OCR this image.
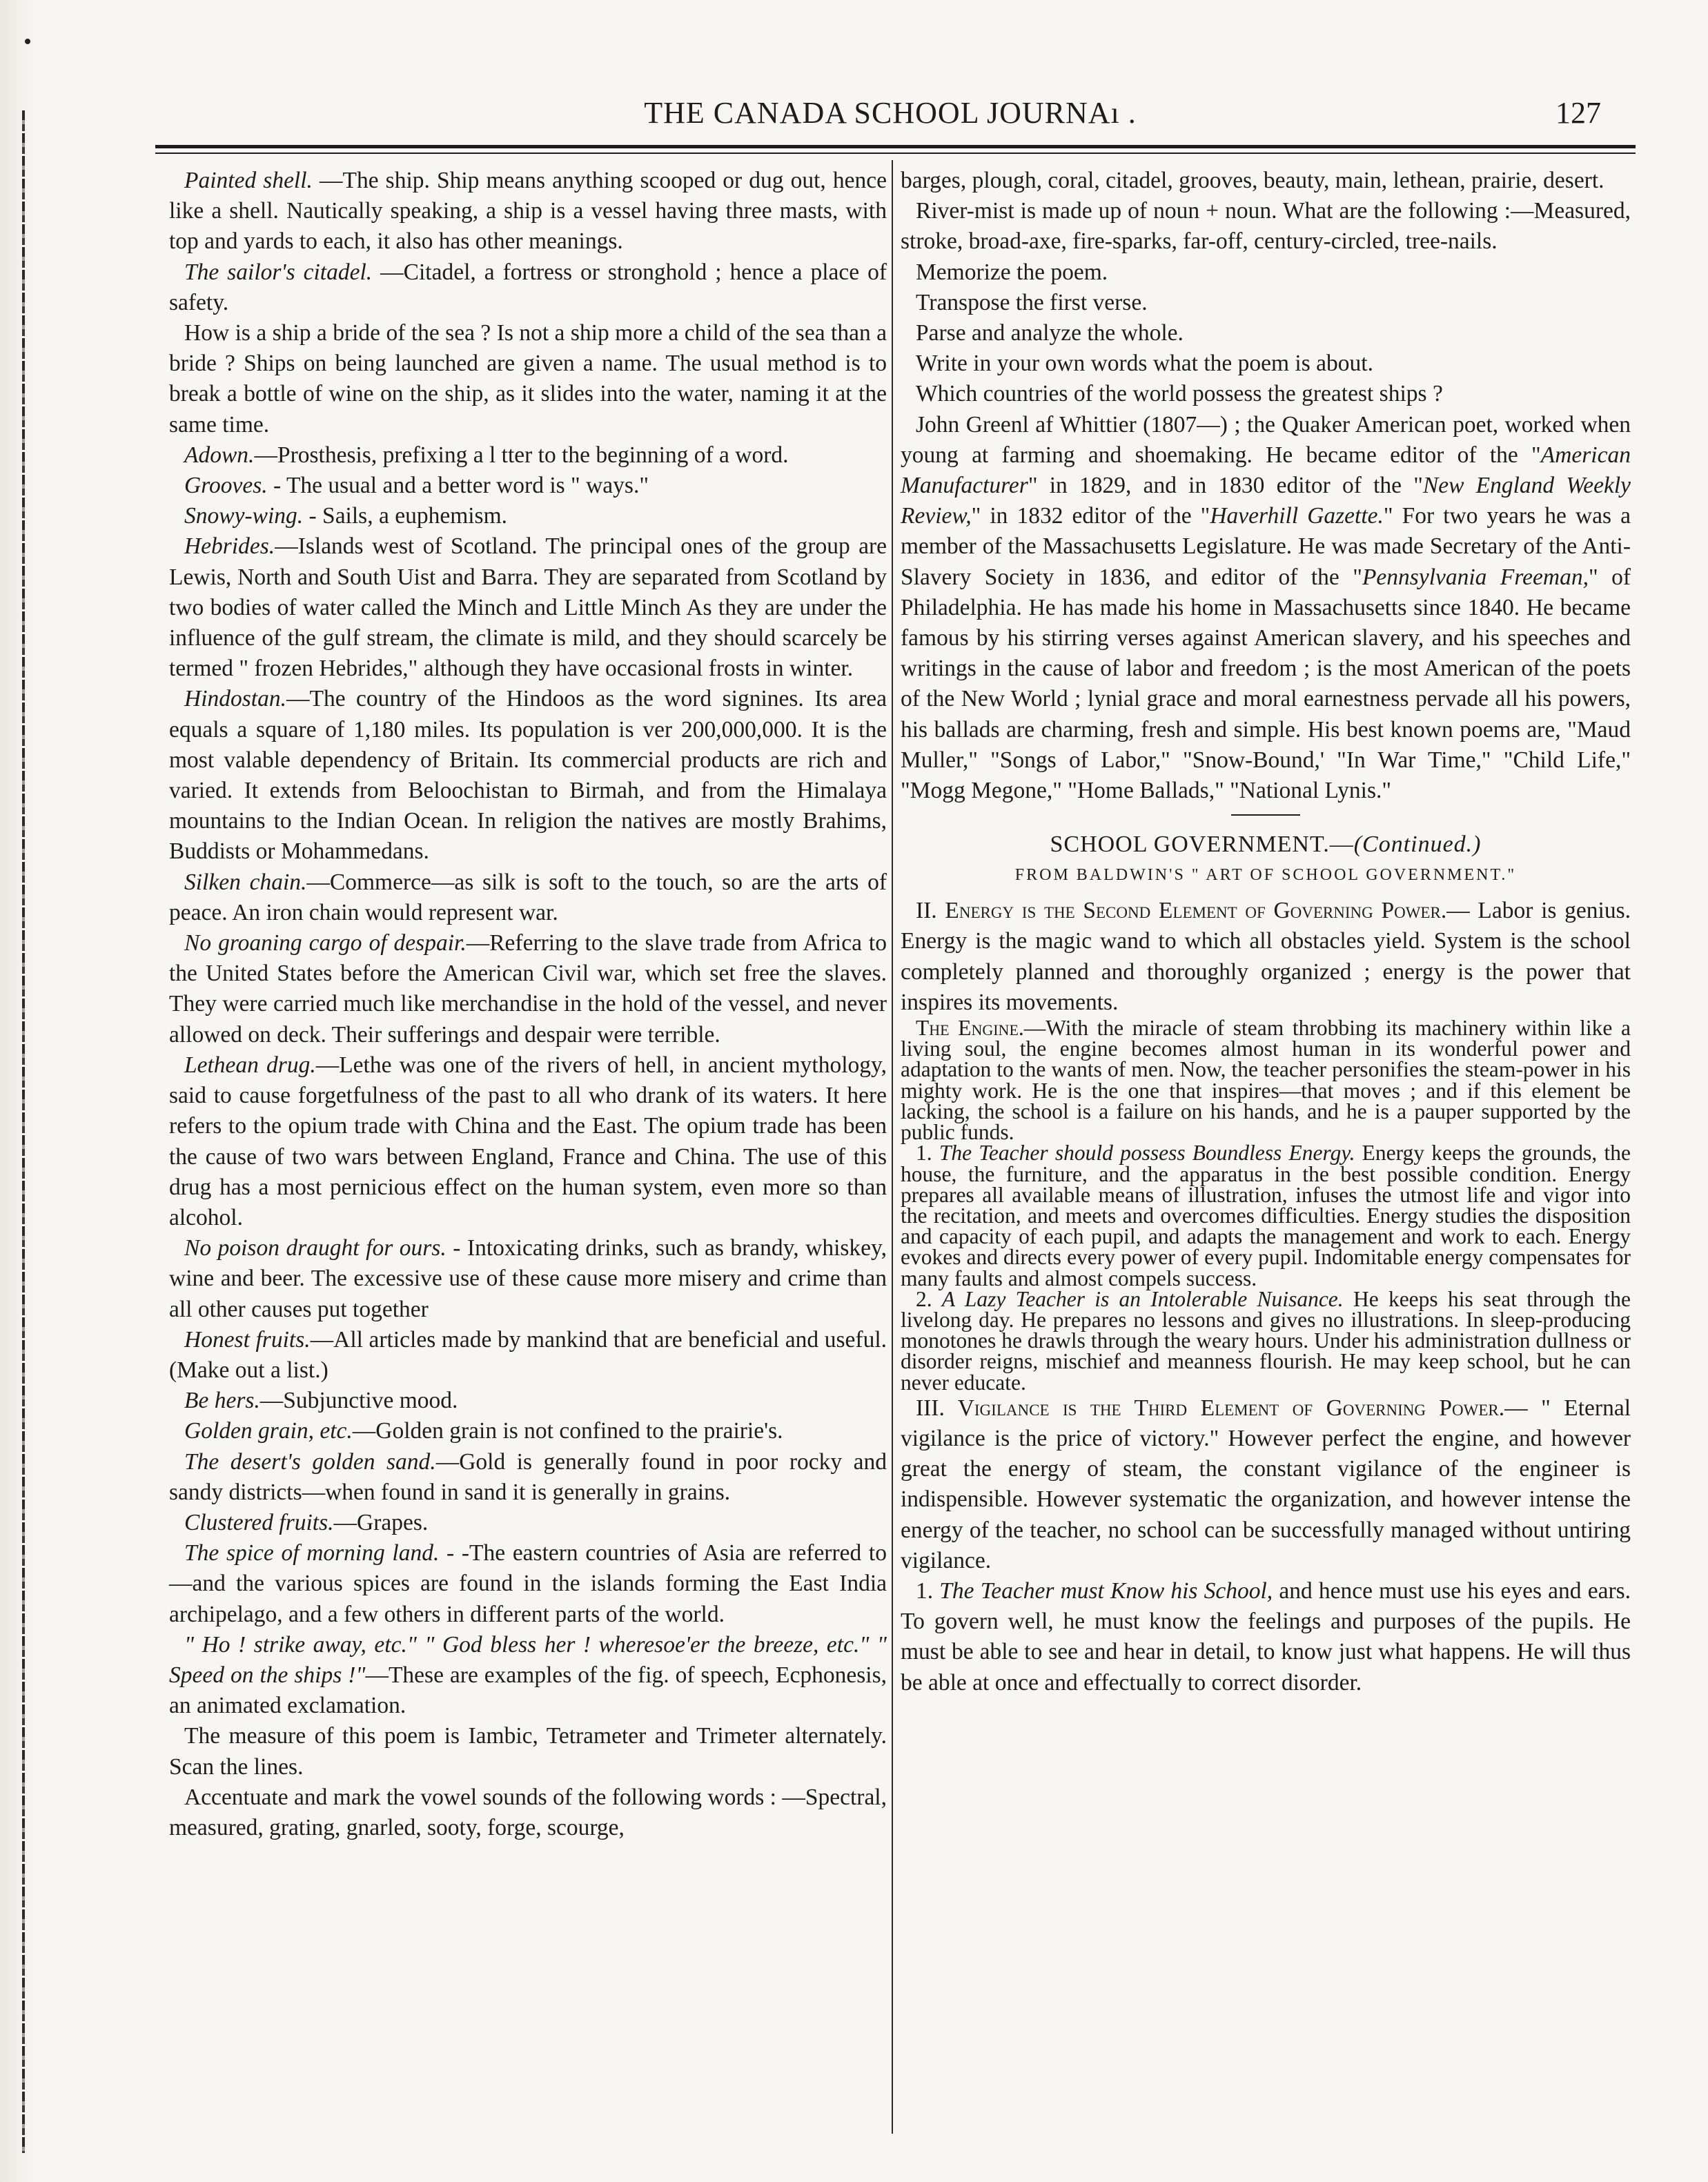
THE CANADA SCHOOL JOURNAı .	127

Painted shell. —The ship. Ship means anything scooped or dug out, hence like a shell. Nautically speaking, a ship is a vessel having three masts, with top and yards to each, it also has other meanings.

The sailor's citadel. —Citadel, a fortress or stronghold ; hence a place of safety.

How is a ship a bride of the sea ? Is not a ship more a child of the sea than a bride ? Ships on being launched are given a name. The usual method is to break a bottle of wine on the ship, as it slides into the water, naming it at the same time.

Adown.—Prosthesis, prefixing a l tter to the beginning of a word.

Grooves. - The usual and a better word is " ways."

Snowy-wing. - Sails, a euphemism.

Hebrides.—Islands west of Scotland. The principal ones of the group are Lewis, North and South Uist and Barra. They are separated from Scotland by two bodies of water called the Minch and Little Minch As they are under the influence of the gulf stream, the climate is mild, and they should scarcely be termed " frozen Hebrides," although they have occasional frosts in winter.

Hindostan.—The country of the Hindoos as the word signines. Its area equals a square of 1,180 miles. Its population is ver 200,000,000. It is the most valable dependency of Britain. Its commercial products are rich and varied. It extends from Beloochistan to Birmah, and from the Himalaya mountains to the Indian Ocean. In religion the natives are mostly Brahims, Buddists or Mohammedans.

Silken chain.—Commerce—as silk is soft to the touch, so are the arts of peace. An iron chain would represent war.

No groaning cargo of despair.—Referring to the slave trade from Africa to the United States before the American Civil war, which set free the slaves. They were carried much like merchandise in the hold of the vessel, and never allowed on deck. Their sufferings and despair were terrible.

Lethean drug.—Lethe was one of the rivers of hell, in ancient mythology, said to cause forgetfulness of the past to all who drank of its waters. It here refers to the opium trade with China and the East. The opium trade has been the cause of two wars between England, France and China. The use of this drug has a most pernicious effect on the human system, even more so than alcohol.

No poison draught for ours. - Intoxicating drinks, such as brandy, whiskey, wine and beer. The excessive use of these cause more misery and crime than all other causes put together

Honest fruits.—All articles made by mankind that are beneficial and useful. (Make out a list.)

Be hers.—Subjunctive mood.

Golden grain, etc.—Golden grain is not confined to the prairie's.

The desert's golden sand.—Gold is generally found in poor rocky and sandy districts—when found in sand it is generally in grains.

Clustered fruits.—Grapes.

The spice of morning land. - -The eastern countries of Asia are referred to—and the various spices are found in the islands forming the East India archipelago, and a few others in different parts of the world.

" Ho ! strike away, etc." " God bless her ! wheresoe'er the breeze, etc." " Speed on the ships !"—These are examples of the fig. of speech, Ecphonesis, an animated exclamation.

The measure of this poem is Iambic, Tetrameter and Trimeter alternately. Scan the lines.

Accentuate and mark the vowel sounds of the following words : —Spectral, measured, grating, gnarled, sooty, forge, scourge,

barges, plough, coral, citadel, grooves, beauty, main, lethean, prairie, desert.

River-mist is made up of noun + noun. What are the following :—Measured, stroke, broad-axe, fire-sparks, far-off, century-circled, tree-nails.

Memorize the poem.

Transpose the first verse.

Parse and analyze the whole.

Write in your own words what the poem is about.

Which countries of the world possess the greatest ships ?

John Greenl af Whittier (1807—) ; the Quaker American poet, worked when young at farming and shoemaking. He became editor of the "American Manufacturer" in 1829, and in 1830 editor of the "New England Weekly Review," in 1832 editor of the "Haverhill Gazette." For two years he was a member of the Massachusetts Legislature. He was made Secretary of the Anti-Slavery Society in 1836, and editor of the "Pennsylvania Freeman," of Philadelphia. He has made his home in Massachusetts since 1840. He became famous by his stirring verses against American slavery, and his speeches and writings in the cause of labor and freedom ; is the most American of the poets of the New World ; lynial grace and moral earnestness pervade all his powers, his ballads are charming, fresh and simple. His best known poems are, "Maud Muller," "Songs of Labor," "Snow-Bound,' "In War Time," "Child Life," "Mogg Megone," "Home Ballads," "National Lynis."

SCHOOL GOVERNMENT.—(Continued.)

FROM BALDWIN'S " ART OF SCHOOL GOVERNMENT."

II. Energy is the Second Element of Governing Power.— Labor is genius. Energy is the magic wand to which all obstacles yield. System is the school completely planned and thoroughly organized ; energy is the power that inspires its movements.

The Engine.—With the miracle of steam throbbing its machinery within like a living soul, the engine becomes almost human in its wonderful power and adaptation to the wants of men. Now, the teacher personifies the steam-power in his mighty work. He is the one that inspires—that moves ; and if this element be lacking, the school is a failure on his hands, and he is a pauper supported by the public funds.

1. The Teacher should possess Boundless Energy. Energy keeps the grounds, the house, the furniture, and the apparatus in the best possible condition. Energy prepares all available means of illustration, infuses the utmost life and vigor into the recitation, and meets and overcomes difficulties. Energy studies the disposition and capacity of each pupil, and adapts the management and work to each. Energy evokes and directs every power of every pupil. Indomitable energy compensates for many faults and almost compels success.

2. A Lazy Teacher is an Intolerable Nuisance. He keeps his seat through the livelong day. He prepares no lessons and gives no illustrations. In sleep-producing monotones he drawls through the weary hours. Under his administration dullness or disorder reigns, mischief and meanness flourish. He may keep school, but he can never educate.

III. Vigilance is the Third Element of Governing Power.— " Eternal vigilance is the price of victory." However perfect the engine, and however great the energy of steam, the constant vigilance of the engineer is indispensible. However systematic the organization, and however intense the energy of the teacher, no school can be successfully managed without untiring vigilance.

1. The Teacher must Know his School, and hence must use his eyes and ears. To govern well, he must know the feelings and purposes of the pupils. He must be able to see and hear in detail, to know just what happens. He will thus be able at once and effectually to correct disorder.
